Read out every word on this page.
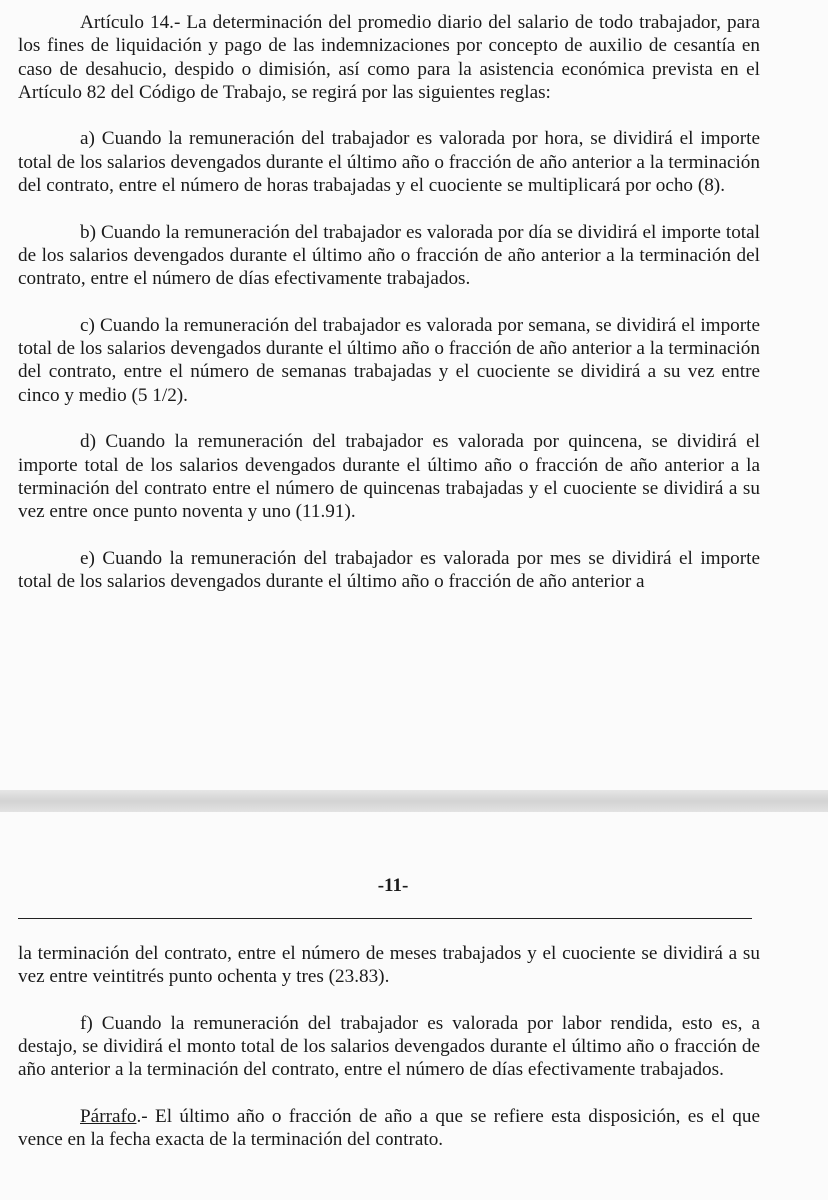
Artículo 14.- La determinación del promedio diario del salario de todo trabajador, para los fines de liquidación y pago de las indemnizaciones por concepto de auxilio de cesantía en caso de desahucio, despido o dimisión, así como para la asistencia económica prevista en el Artículo 82 del Código de Trabajo, se regirá por las siguientes reglas:

a) Cuando la remuneración del trabajador es valorada por hora, se dividirá el importe total de los salarios devengados durante el último año o fracción de año anterior a la terminación del contrato, entre el número de horas trabajadas y el cuociente se multiplicará por ocho (8).

b) Cuando la remuneración del trabajador es valorada por día se dividirá el importe total de los salarios devengados durante el último año o fracción de año anterior a la terminación del contrato, entre el número de días efectivamente trabajados.

c) Cuando la remuneración del trabajador es valorada por semana, se dividirá el importe total de los salarios devengados durante el último año o fracción de año anterior a la terminación del contrato, entre el número de semanas trabajadas y el cuociente se dividirá a su vez entre cinco y medio (5 1/2).

d) Cuando la remuneración del trabajador es valorada por quincena, se dividirá el importe total de los salarios devengados durante el último año o fracción de año anterior a la terminación del contrato entre el número de quincenas trabajadas y el cuociente se dividirá a su vez entre once punto noventa y uno (11.91).

e) Cuando la remuneración del trabajador es valorada por mes se dividirá el importe total de los salarios devengados durante el último año o fracción de año anterior a

-11-

la terminación del contrato, entre el número de meses trabajados y el cuociente se dividirá a su vez entre veintitrés punto ochenta y tres (23.83).

f) Cuando la remuneración del trabajador es valorada por labor rendida, esto es, a destajo, se dividirá el monto total de los salarios devengados durante el último año o fracción de año anterior a la terminación del contrato, entre el número de días efectivamente trabajados.

Párrafo.- El último año o fracción de año a que se refiere esta disposición, es el que vence en la fecha exacta de la terminación del contrato.
